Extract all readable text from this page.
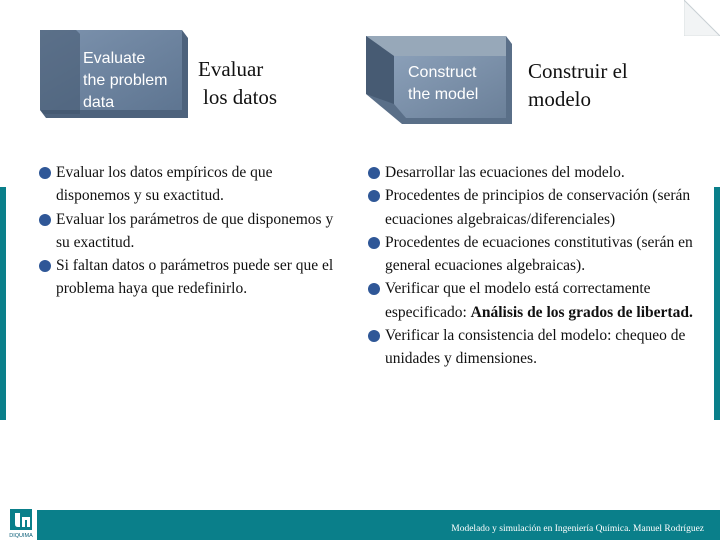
Evaluate
the problem
data
Evaluar
los datos
Construct
the model
Construir el
modelo
Evaluar los datos empíricos de que disponemos y su exactitud.
Evaluar los parámetros de que disponemos y su exactitud.
Si faltan datos o parámetros puede ser que el problema haya que redefinirlo.
Desarrollar las ecuaciones del modelo.
Procedentes de principios de conservación (serán ecuaciones algebraicas/diferenciales)
Procedentes de ecuaciones constitutivas (serán en general ecuaciones algebraicas).
Verificar que el modelo está correctamente especificado: Análisis de los grados de libertad.
Verificar la consistencia del modelo: chequeo de unidades y dimensiones.
Modelado y simulación en Ingeniería Química. Manuel Rodríguez
DIQUIMA
